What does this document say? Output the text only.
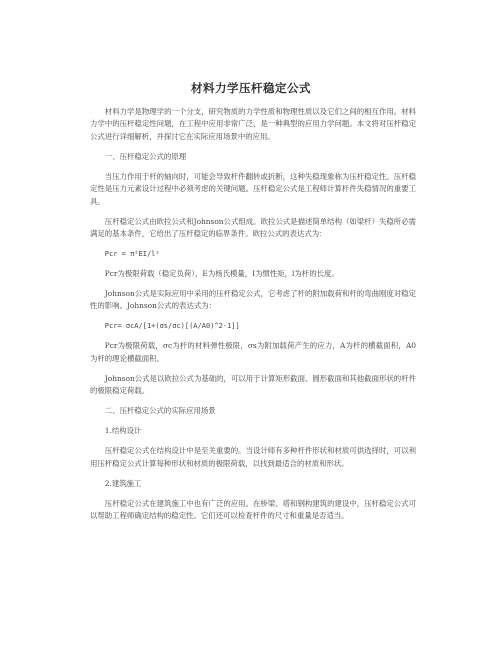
材料力学压杆稳定公式

材料力学是物理学的一个分支，研究物质的力学性质和物理性质以及它们之间的相互作用。材料力学中的压杆稳定性问题，在工程中应用非常广泛，是一种典型的应用力学问题。本文将对压杆稳定公式进行详细解析，并探讨它在实际应用场景中的应用。

一、压杆稳定公式的原理

当压力作用于杆的轴向时，可能会导致杆件翻转或折断，这种失稳现象称为压杆稳定性。压杆稳定性是压力元素设计过程中必须考虑的关键问题。压杆稳定公式是工程师计算杆件失稳情况的重要工具。

压杆稳定公式由欧拉公式和Johnson公式组成。欧拉公式是描述简单结构（如梁杆）失稳所必需满足的基本条件，它给出了压杆稳定的临界条件。欧拉公式的表达式为：

Pcr = π²EI/l²

Pcr为极限荷载（稳定负荷），E为杨氏模量，I为惯性矩，l为杆的长度。

Johnson公式是实际应用中采用的压杆稳定公式，它考虑了杆的附加载荷和杆的弯曲刚度对稳定性的影响。Johnson公式的表达式为：

Pcr= σcA/[1+(σs/σc)[(A/A0)^2-1]]

Pcr为极限荷载，σc为杆的材料弹性极限，σs为附加载荷产生的应力，A为杆的横截面积，A0为杆的理论横截面积。

Johnson公式是以欧拉公式为基础的，可以用于计算矩形截面、圆形截面和其他截面形状的杆件的极限稳定荷载。

二、压杆稳定公式的实际应用场景

1.结构设计

压杆稳定公式在结构设计中是至关重要的。当设计师有多种杆件形状和材质可供选择时，可以利用压杆稳定公式计算每种形状和材质的极限荷载，以找到最适合的材质和形状。

2.建筑施工

压杆稳定公式在建筑施工中也有广泛的应用。在桥梁、塔和钢构建筑的建设中，压杆稳定公式可以帮助工程师确定结构的稳定性。它们还可以检查杆件的尺寸和重量是否适当。
